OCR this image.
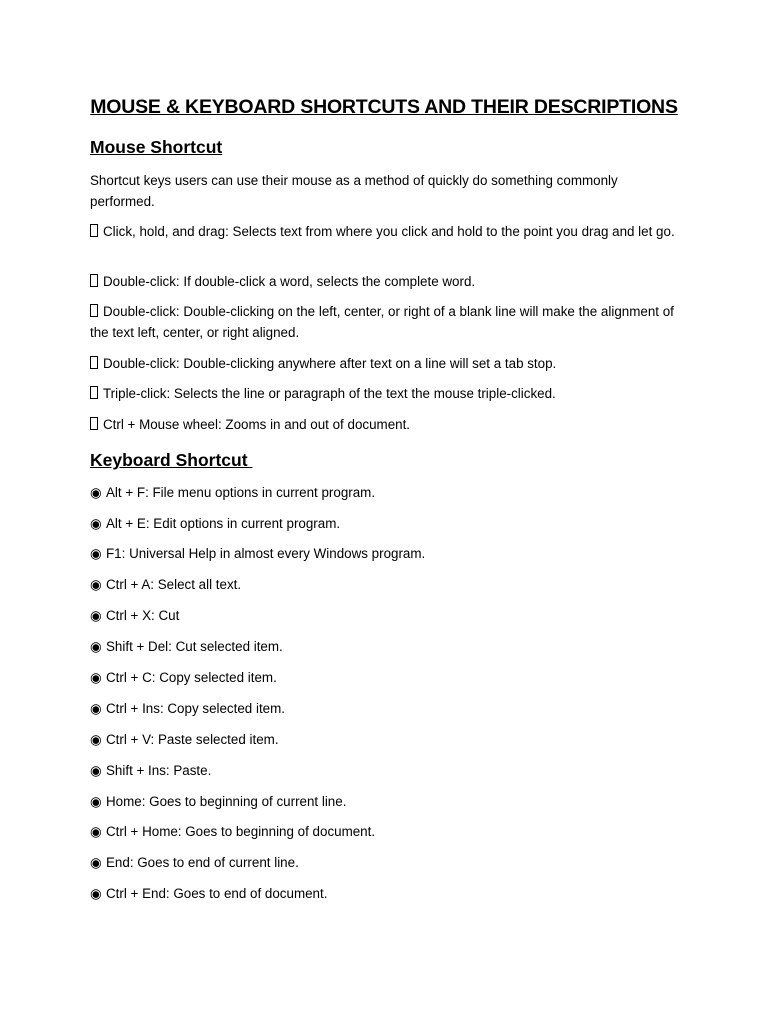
MOUSE & KEYBOARD SHORTCUTS AND THEIR DESCRIPTIONS
Mouse Shortcut

Shortcut keys users can use their mouse as a method of quickly do something commonly performed.

Click, hold, and drag: Selects text from where you click and hold to the point you drag and let go.

Double-click: If double-click a word, selects the complete word.

Double-click: Double-clicking on the left, center, or right of a blank line will make the alignment of the text left, center, or right aligned.

Double-click: Double-clicking anywhere after text on a line will set a tab stop.

Triple-click: Selects the line or paragraph of the text the mouse triple-clicked.

Ctrl + Mouse wheel: Zooms in and out of document.

Keyboard Shortcut

◉ Alt + F: File menu options in current program.

◉ Alt + E: Edit options in current program.

◉ F1: Universal Help in almost every Windows program.

◉ Ctrl + A: Select all text.

◉ Ctrl + X: Cut

◉ Shift + Del: Cut selected item.

◉ Ctrl + C: Copy selected item.

◉ Ctrl + Ins: Copy selected item.

◉ Ctrl + V: Paste selected item.

◉ Shift + Ins: Paste.

◉ Home: Goes to beginning of current line.

◉ Ctrl + Home: Goes to beginning of document.

◉ End: Goes to end of current line.

◉ Ctrl + End: Goes to end of document.
